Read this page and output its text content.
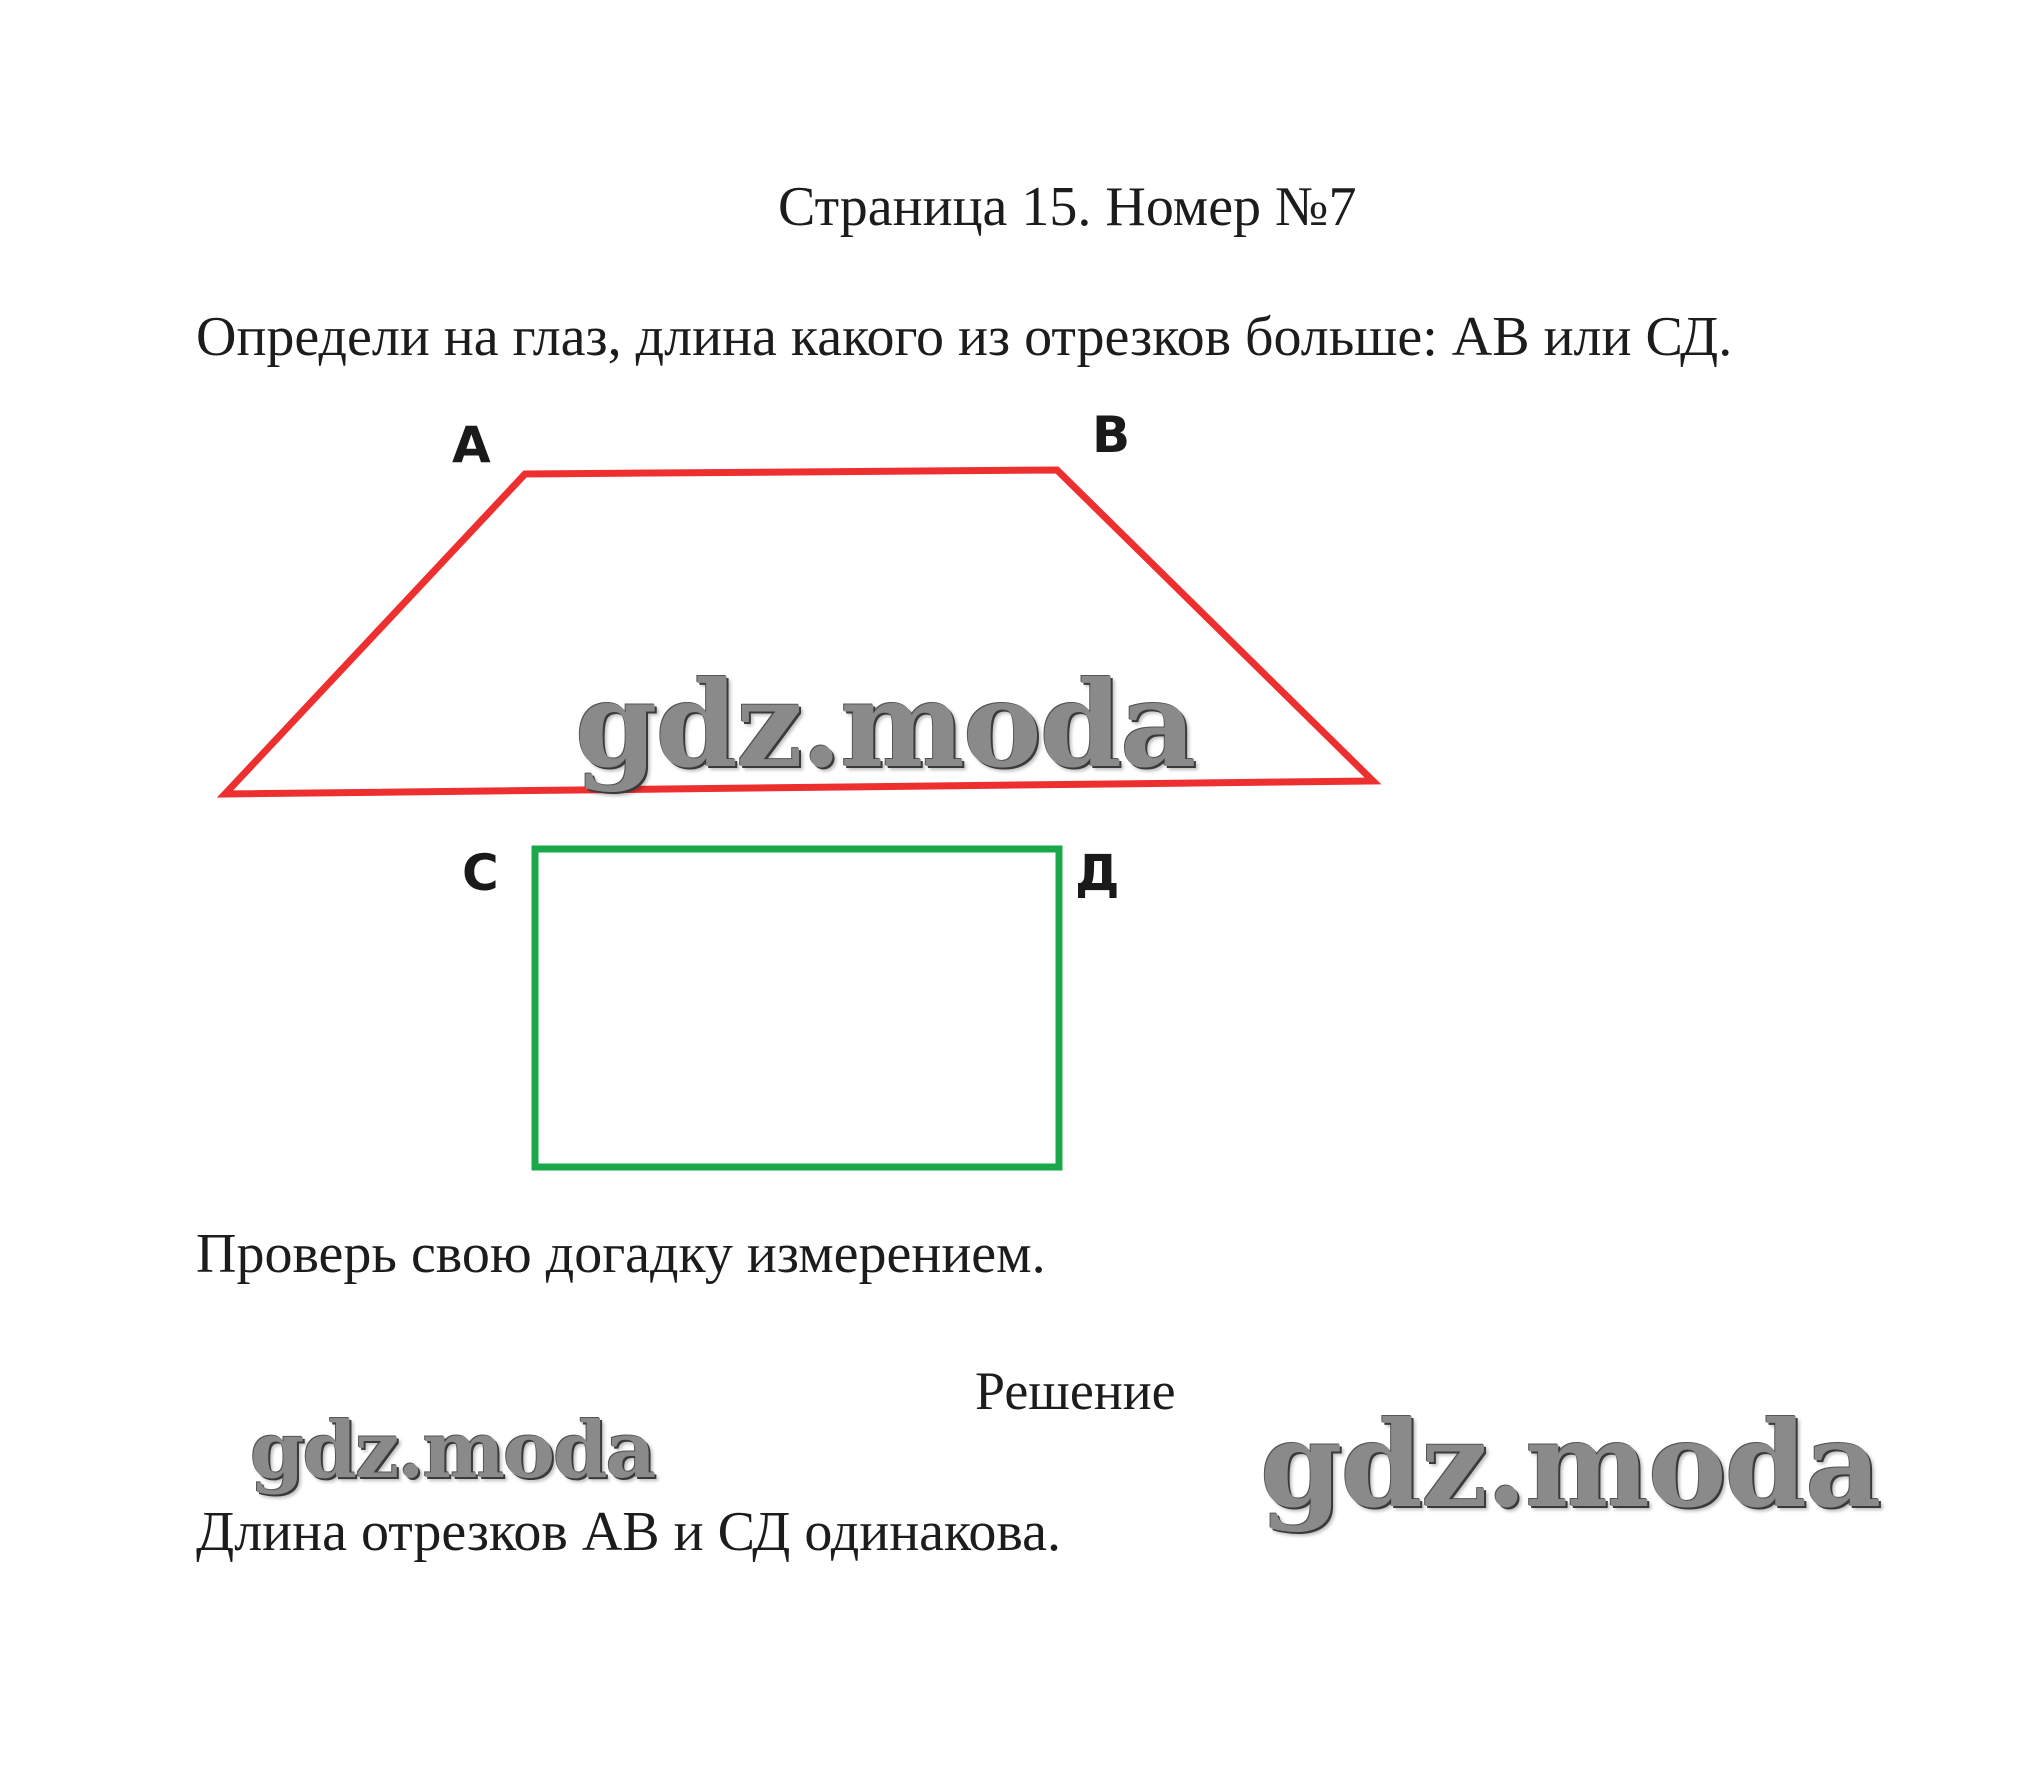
Страница 15. Номер №7
Определи на глаз, длина какого из отрезков больше: АВ или СД.
А	В
С	Д
Проверь свою догадку измерением.
Решение
Длина отрезков АВ и СД одинакова.
gdz.moda
gdz.moda	gdz.moda
